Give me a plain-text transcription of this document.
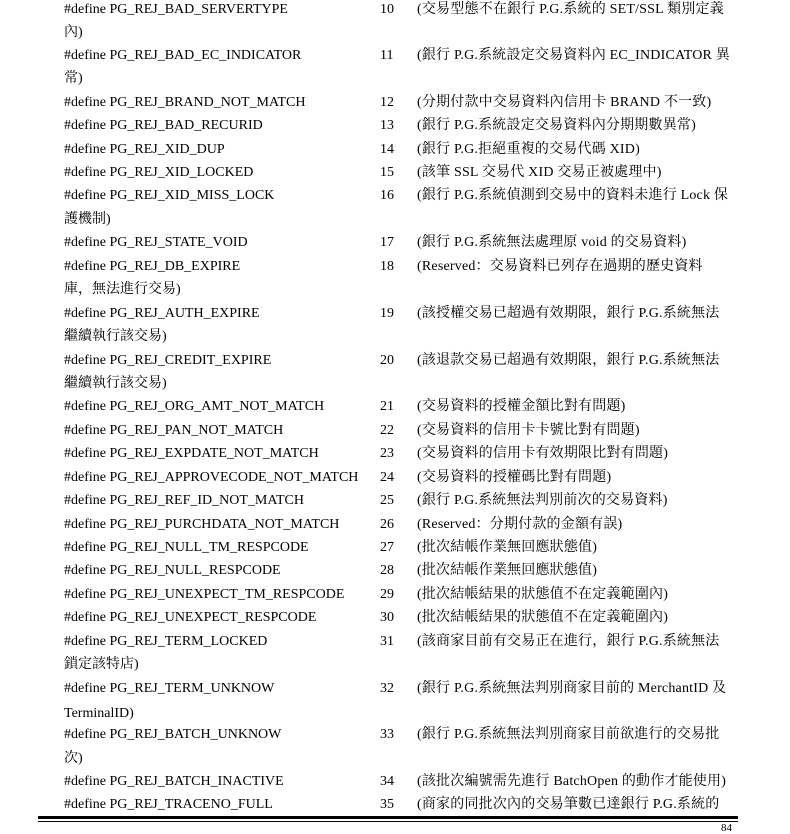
#define PG_REJ_BAD_SERVERTYPE	10 (交易型態不在銀行 P.G.系統的 SET/SSL 類別定義
內)
#define PG_REJ_BAD_EC_INDICATOR	11	(銀行 P.G.系統設定交易資料內 EC_INDICATOR 異
常)
#define PG_REJ_BRAND_NOT_MATCH	12 (分期付款中交易資料內信用卡 BRAND 不一致)
#define PG_REJ_BAD_RECURID	13 (銀行 P.G.系統設定交易資料內分期期數異常)
#define PG_REJ_XID_DUP	14 (銀行 P.G.拒絕重複的交易代碼 XID)
#define PG_REJ_XID_LOCKED	15 (該筆 SSL 交易代 XID 交易正被處理中)
#define PG_REJ_XID_MISS_LOCK	16 (銀行 P.G.系統偵測到交易中的資料未進行 Lock 保
護機制)
#define PG_REJ_STATE_VOID	17 (銀行 P.G.系統無法處理原 void 的交易資料)
#define PG_REJ_DB_EXPIRE	18 (Reserved：交易資料已列存在過期的歷史資料
庫，無法進行交易)
#define PG_REJ_AUTH_EXPIRE	19 (該授權交易已超過有效期限，銀行 P.G.系統無法
繼續執行該交易)
#define PG_REJ_CREDIT_EXPIRE	20 (該退款交易已超過有效期限，銀行 P.G.系統無法
繼續執行該交易)
#define PG_REJ_ORG_AMT_NOT_MATCH	21 (交易資料的授權金額比對有問題)
#define PG_REJ_PAN_NOT_MATCH	22 (交易資料的信用卡卡號比對有問題)
#define PG_REJ_EXPDATE_NOT_MATCH	23 (交易資料的信用卡有效期限比對有問題)
#define PG_REJ_APPROVECODE_NOT_MATCH 24 (交易資料的授權碼比對有問題)
#define PG_REJ_REF_ID_NOT_MATCH	25 (銀行 P.G.系統無法判別前次的交易資料)
#define PG_REJ_PURCHDATA_NOT_MATCH	26 (Reserved：分期付款的金額有誤)
#define PG_REJ_NULL_TM_RESPCODE	27 (批次結帳作業無回應狀態值)
#define PG_REJ_NULL_RESPCODE	28 (批次結帳作業無回應狀態值)
#define PG_REJ_UNEXPECT_TM_RESPCODE	29 (批次結帳結果的狀態值不在定義範圍內)
#define PG_REJ_UNEXPECT_RESPCODE	30 (批次結帳結果的狀態值不在定義範圍內)
#define PG_REJ_TERM_LOCKED	31 (該商家目前有交易正在進行，銀行 P.G.系統無法
鎖定該特店)
#define PG_REJ_TERM_UNKNOW	32 (銀行 P.G.系統無法判別商家目前的 MerchantID 及
TerminalID)
#define PG_REJ_BATCH_UNKNOW	33 (銀行 P.G.系統無法判別商家目前欲進行的交易批
次)
#define PG_REJ_BATCH_INACTIVE	34 (該批次編號需先進行 BatchOpen 的動作才能使用)
#define PG_REJ_TRACENO_FULL	35 (商家的同批次內的交易筆數已達銀行 P.G.系統的
84
